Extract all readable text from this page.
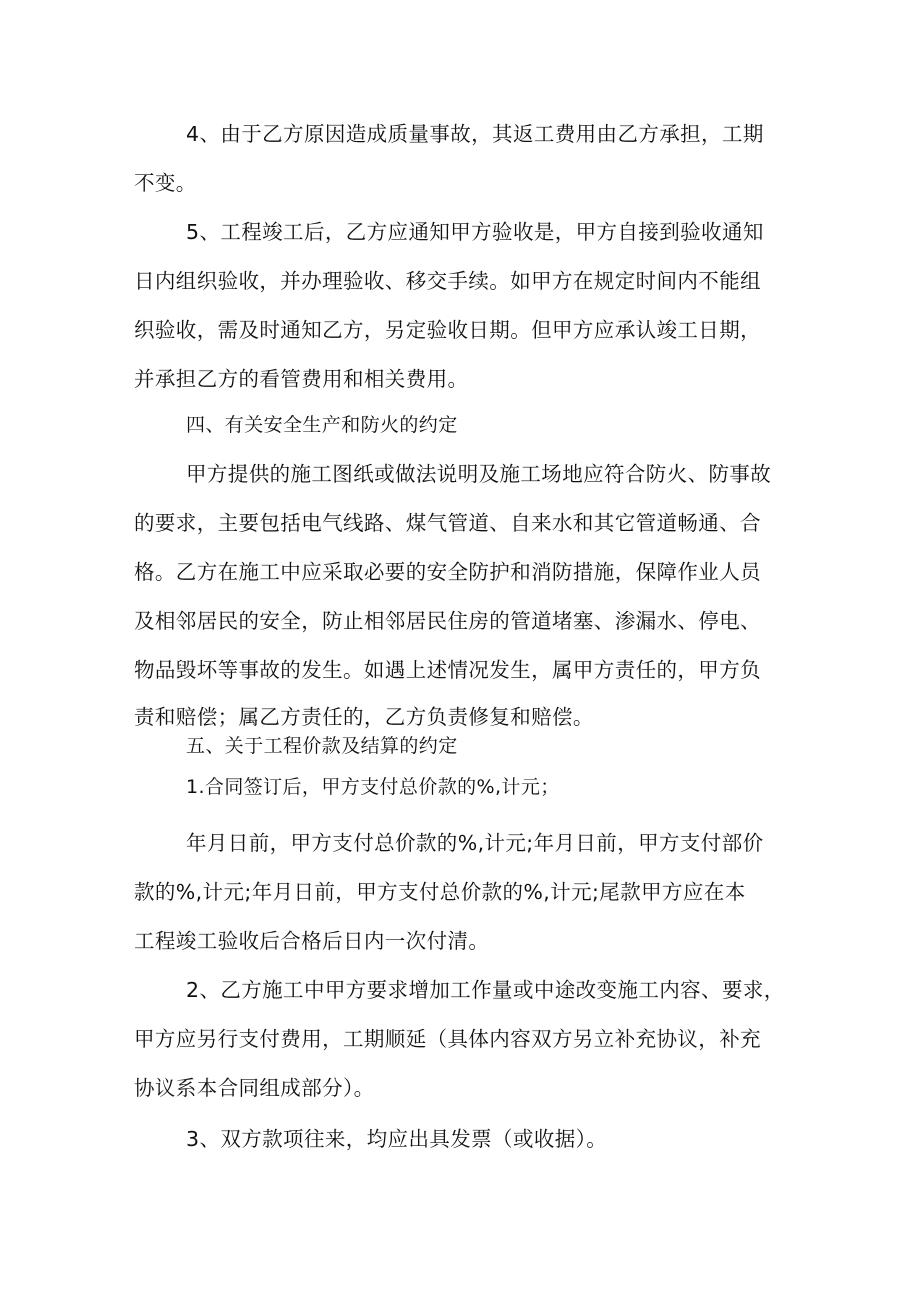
4、由于乙方原因造成质量事故，其返工费用由乙方承担，工期
不变。
5、工程竣工后，乙方应通知甲方验收是，甲方自接到验收通知
日内组织验收，并办理验收、移交手续。如甲方在规定时间内不能组
织验收，需及时通知乙方，另定验收日期。但甲方应承认竣工日期，
并承担乙方的看管费用和相关费用。
四、有关安全生产和防火的约定
甲方提供的施工图纸或做法说明及施工场地应符合防火、防事故
的要求，主要包括电气线路、煤气管道、自来水和其它管道畅通、合
格。乙方在施工中应采取必要的安全防护和消防措施，保障作业人员
及相邻居民的安全，防止相邻居民住房的管道堵塞、渗漏水、停电、
物品毁坏等事故的发生。如遇上述情况发生，属甲方责任的，甲方负
责和赔偿；属乙方责任的，乙方负责修复和赔偿。
五、关于工程价款及结算的约定
1.合同签订后，甲方支付总价款的%,计元；
年月日前，甲方支付总价款的%,计元;年月日前，甲方支付部价
款的%,计元;年月日前，甲方支付总价款的%,计元;尾款甲方应在本
工程竣工验收后合格后日内一次付清。
2、乙方施工中甲方要求增加工作量或中途改变施工内容、要求，
甲方应另行支付费用，工期顺延（具体内容双方另立补充协议，补充
协议系本合同组成部分）。
3、双方款项往来，均应出具发票（或收据）。
